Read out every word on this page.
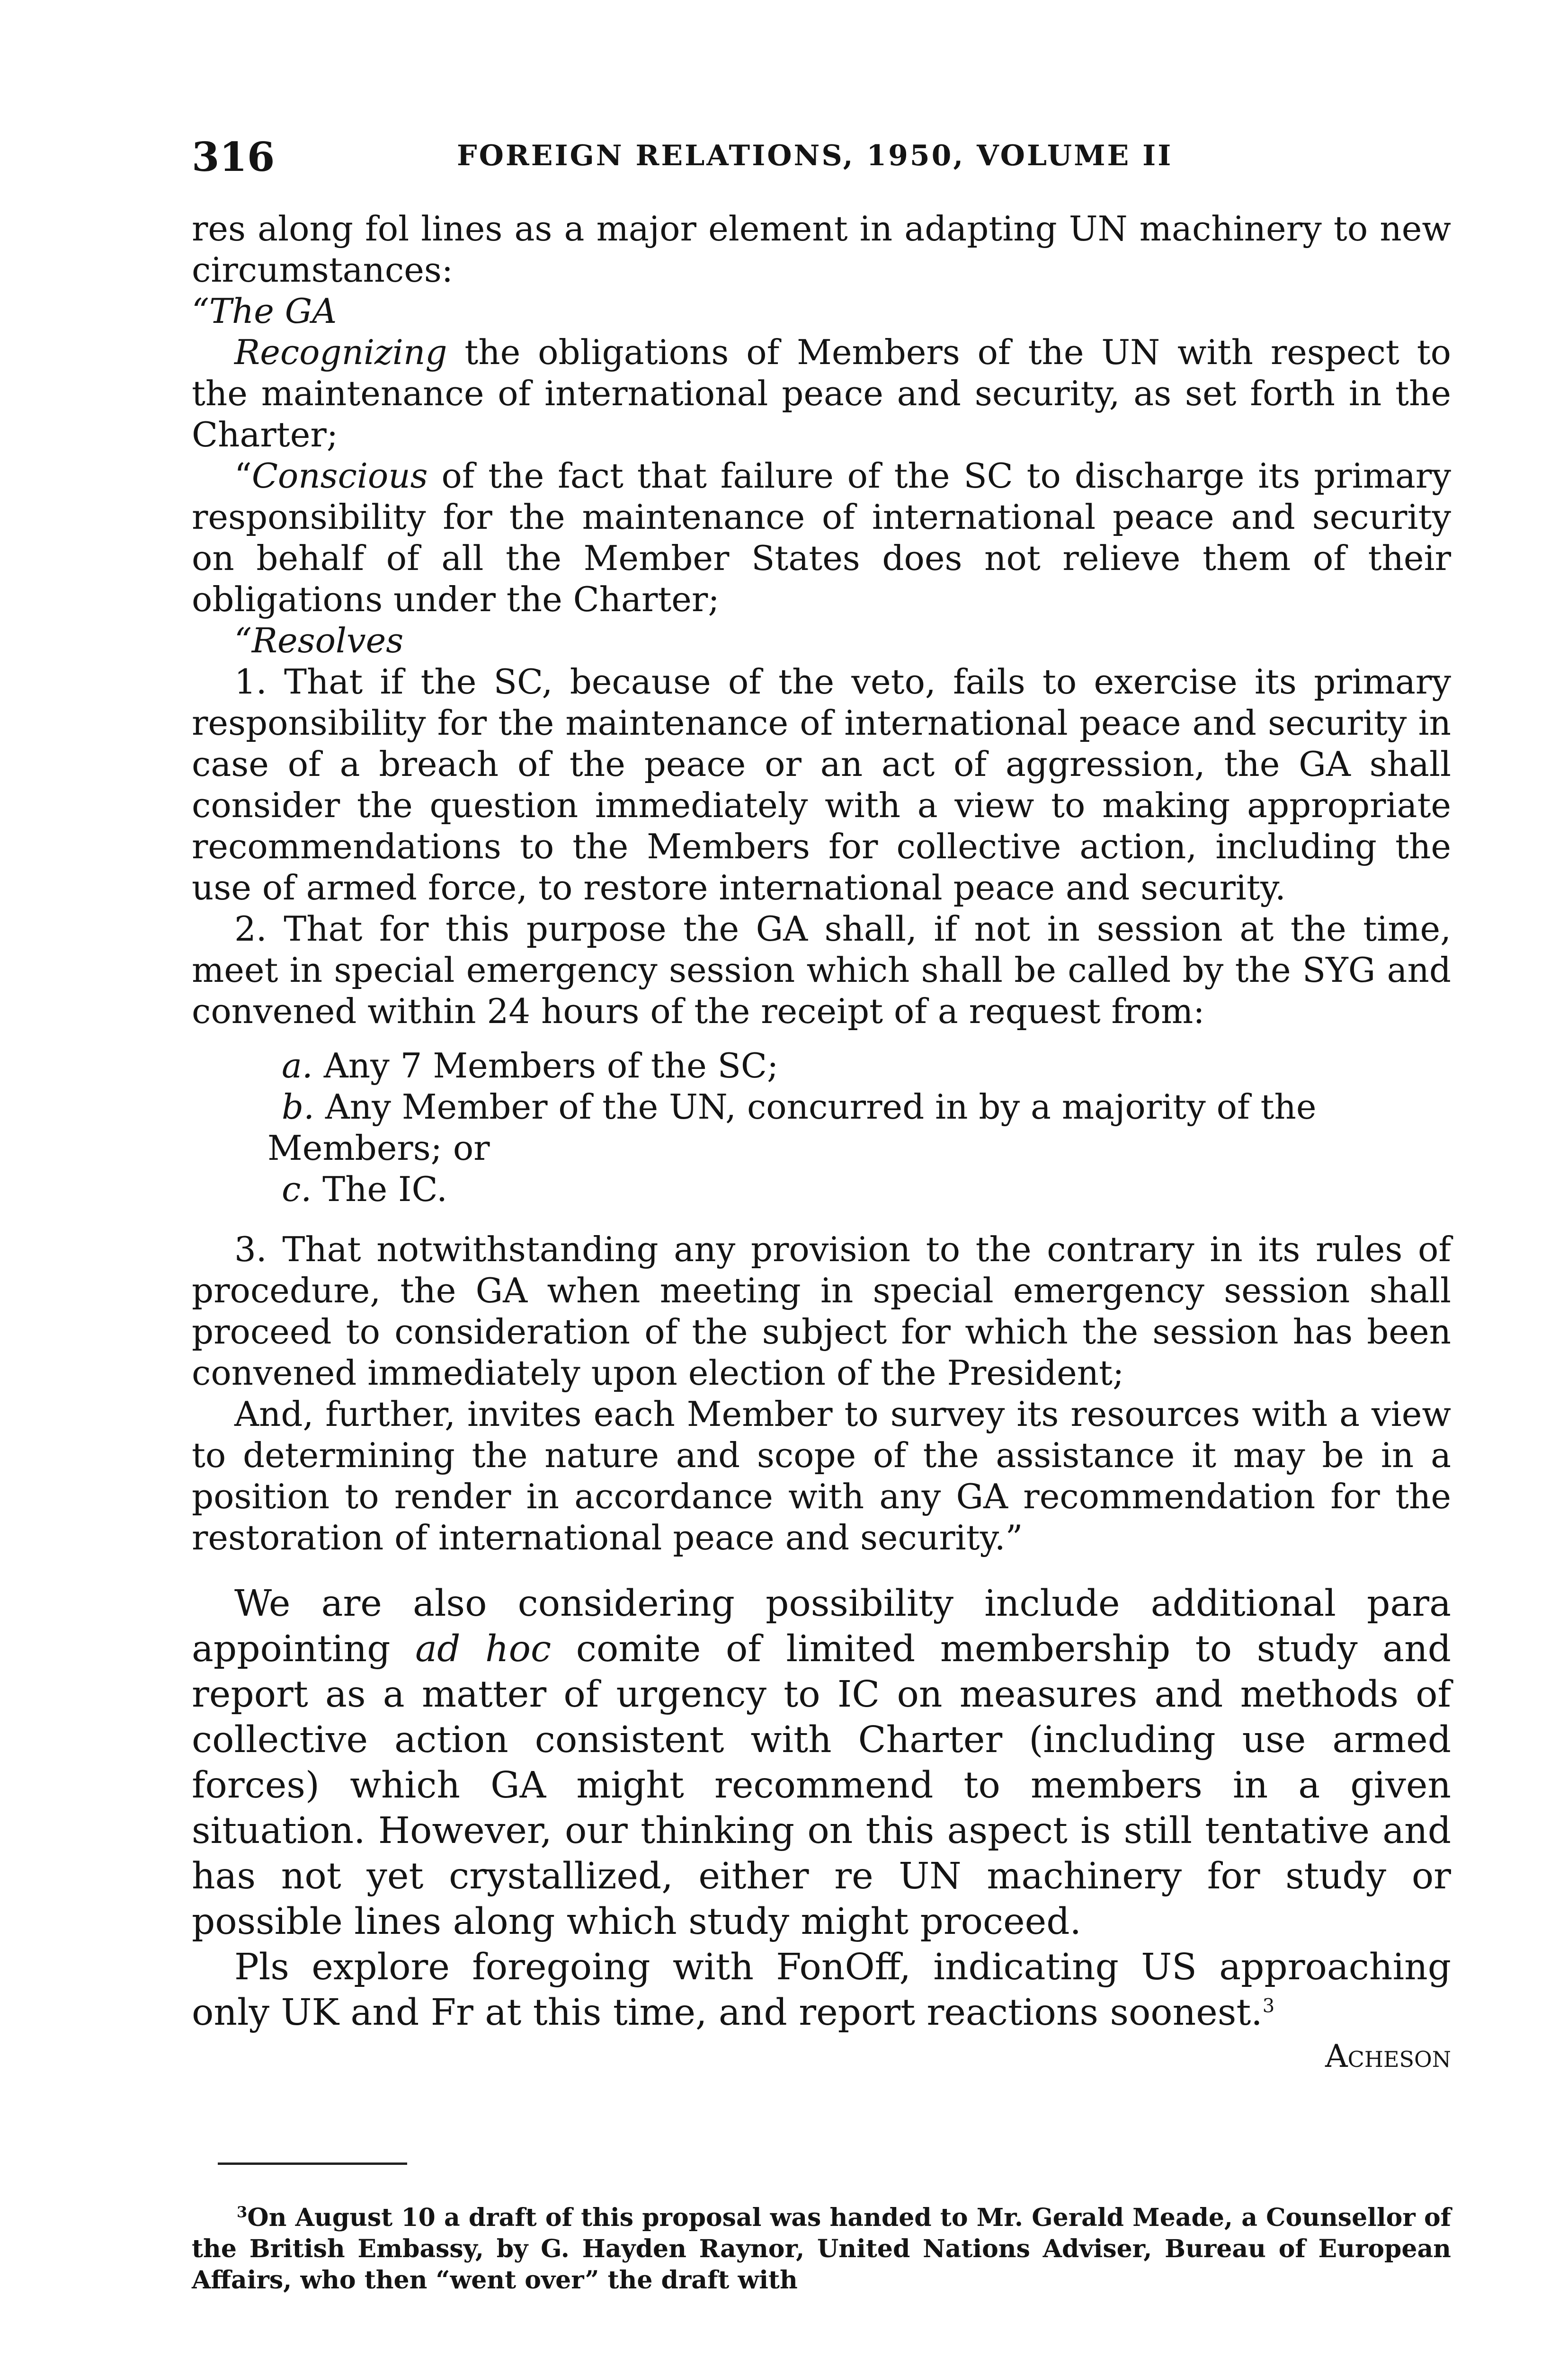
316	FOREIGN RELATIONS, 1950, VOLUME II

res along fol lines as a major element in adapting UN machinery to new circumstances:

“The GA

Recognizing the obligations of Members of the UN with respect to the maintenance of international peace and security, as set forth in the Charter;

“Conscious of the fact that failure of the SC to discharge its primary responsibility for the maintenance of international peace and security on behalf of all the Member States does not relieve them of their obligations under the Charter;

“Resolves

1. That if the SC, because of the veto, fails to exercise its primary responsibility for the maintenance of international peace and security in case of a breach of the peace or an act of aggression, the GA shall consider the question immediately with a view to making appropriate recommendations to the Members for collective action, including the use of armed force, to restore international peace and security.

2. That for this purpose the GA shall, if not in session at the time, meet in special emergency session which shall be called by the SYG and convened within 24 hours of the receipt of a request from:

a. Any 7 Members of the SC;

b. Any Member of the UN, concurred in by a majority of the
Members; or

c. The IC.

3. That notwithstanding any provision to the contrary in its rules of procedure, the GA when meeting in special emergency session shall proceed to consideration of the subject for which the session has been convened immediately upon election of the President;

And, further, invites each Member to survey its resources with a view to determining the nature and scope of the assistance it may be in a position to render in accordance with any GA recommendation for the restoration of international peace and security.”

We are also considering possibility include additional para appointing ad hoc comite of limited membership to study and report as a matter of urgency to IC on measures and methods of collective action consistent with Charter (including use armed forces) which GA might recommend to members in a given situation. However, our thinking on this aspect is still tentative and has not yet crystallized, either re UN machinery for study or possible lines along which study might proceed.

Pls explore foregoing with FonOff, indicating US approaching only UK and Fr at this time, and report reactions soonest.$^3$

Acheson

$^3$On August 10 a draft of this proposal was handed to Mr. Gerald Meade, a Counsellor of the British Embassy, by G. Hayden Raynor, United Nations Adviser, Bureau of European Affairs, who then “went over” the draft with
